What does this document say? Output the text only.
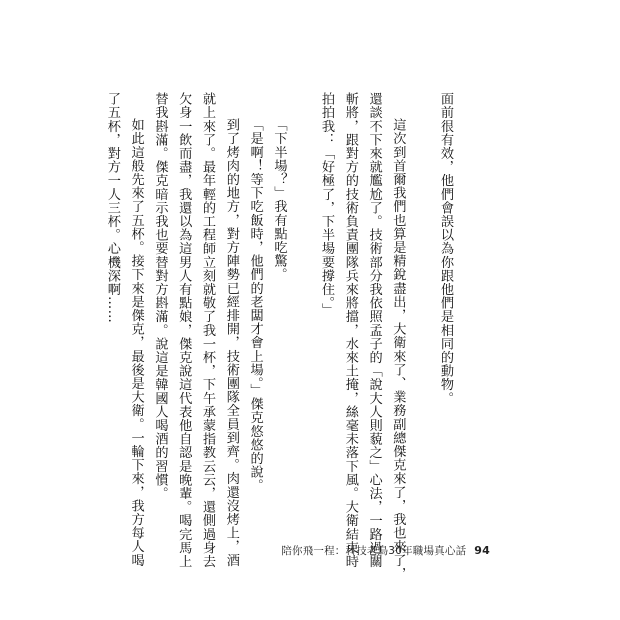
面前很有效，他們會誤以為你跟他們是相同的動物。

這次到首爾我們也算是精銳盡出，大衛來了、業務副總傑克來了，我也來了，

還談不下來就尷尬了。技術部分我依照孟子的「說大人則藐之」心法，一路過關

斬將，跟對方的技術負責團隊兵來將擋，水來土掩，絲毫未落下風。大衛結束時

拍拍我：「好極了，下半場要撐住。」

「下半場？」我有點吃驚。

「是啊！等下吃飯時，他們的老闆才會上場。」傑克悠悠的說。

到了烤肉的地方，對方陣勢已經排開，技術團隊全員到齊。肉還沒烤上，酒

就上來了。最年輕的工程師立刻就敬了我一杯，下午承蒙指教云云，還側過身去

欠身一飲而盡，我還以為這男人有點娘，傑克說這代表他自認是晚輩。喝完馬上

替我斟滿。傑克暗示我也要替對方斟滿。說這是韓國人喝酒的習慣。

如此這般先來了五杯。接下來是傑克，最後是大衛。一輪下來，我方每人喝

了五杯，對方一人三杯。心機深啊……

陪你飛一程：科技老鳥30年職場真心話 94
